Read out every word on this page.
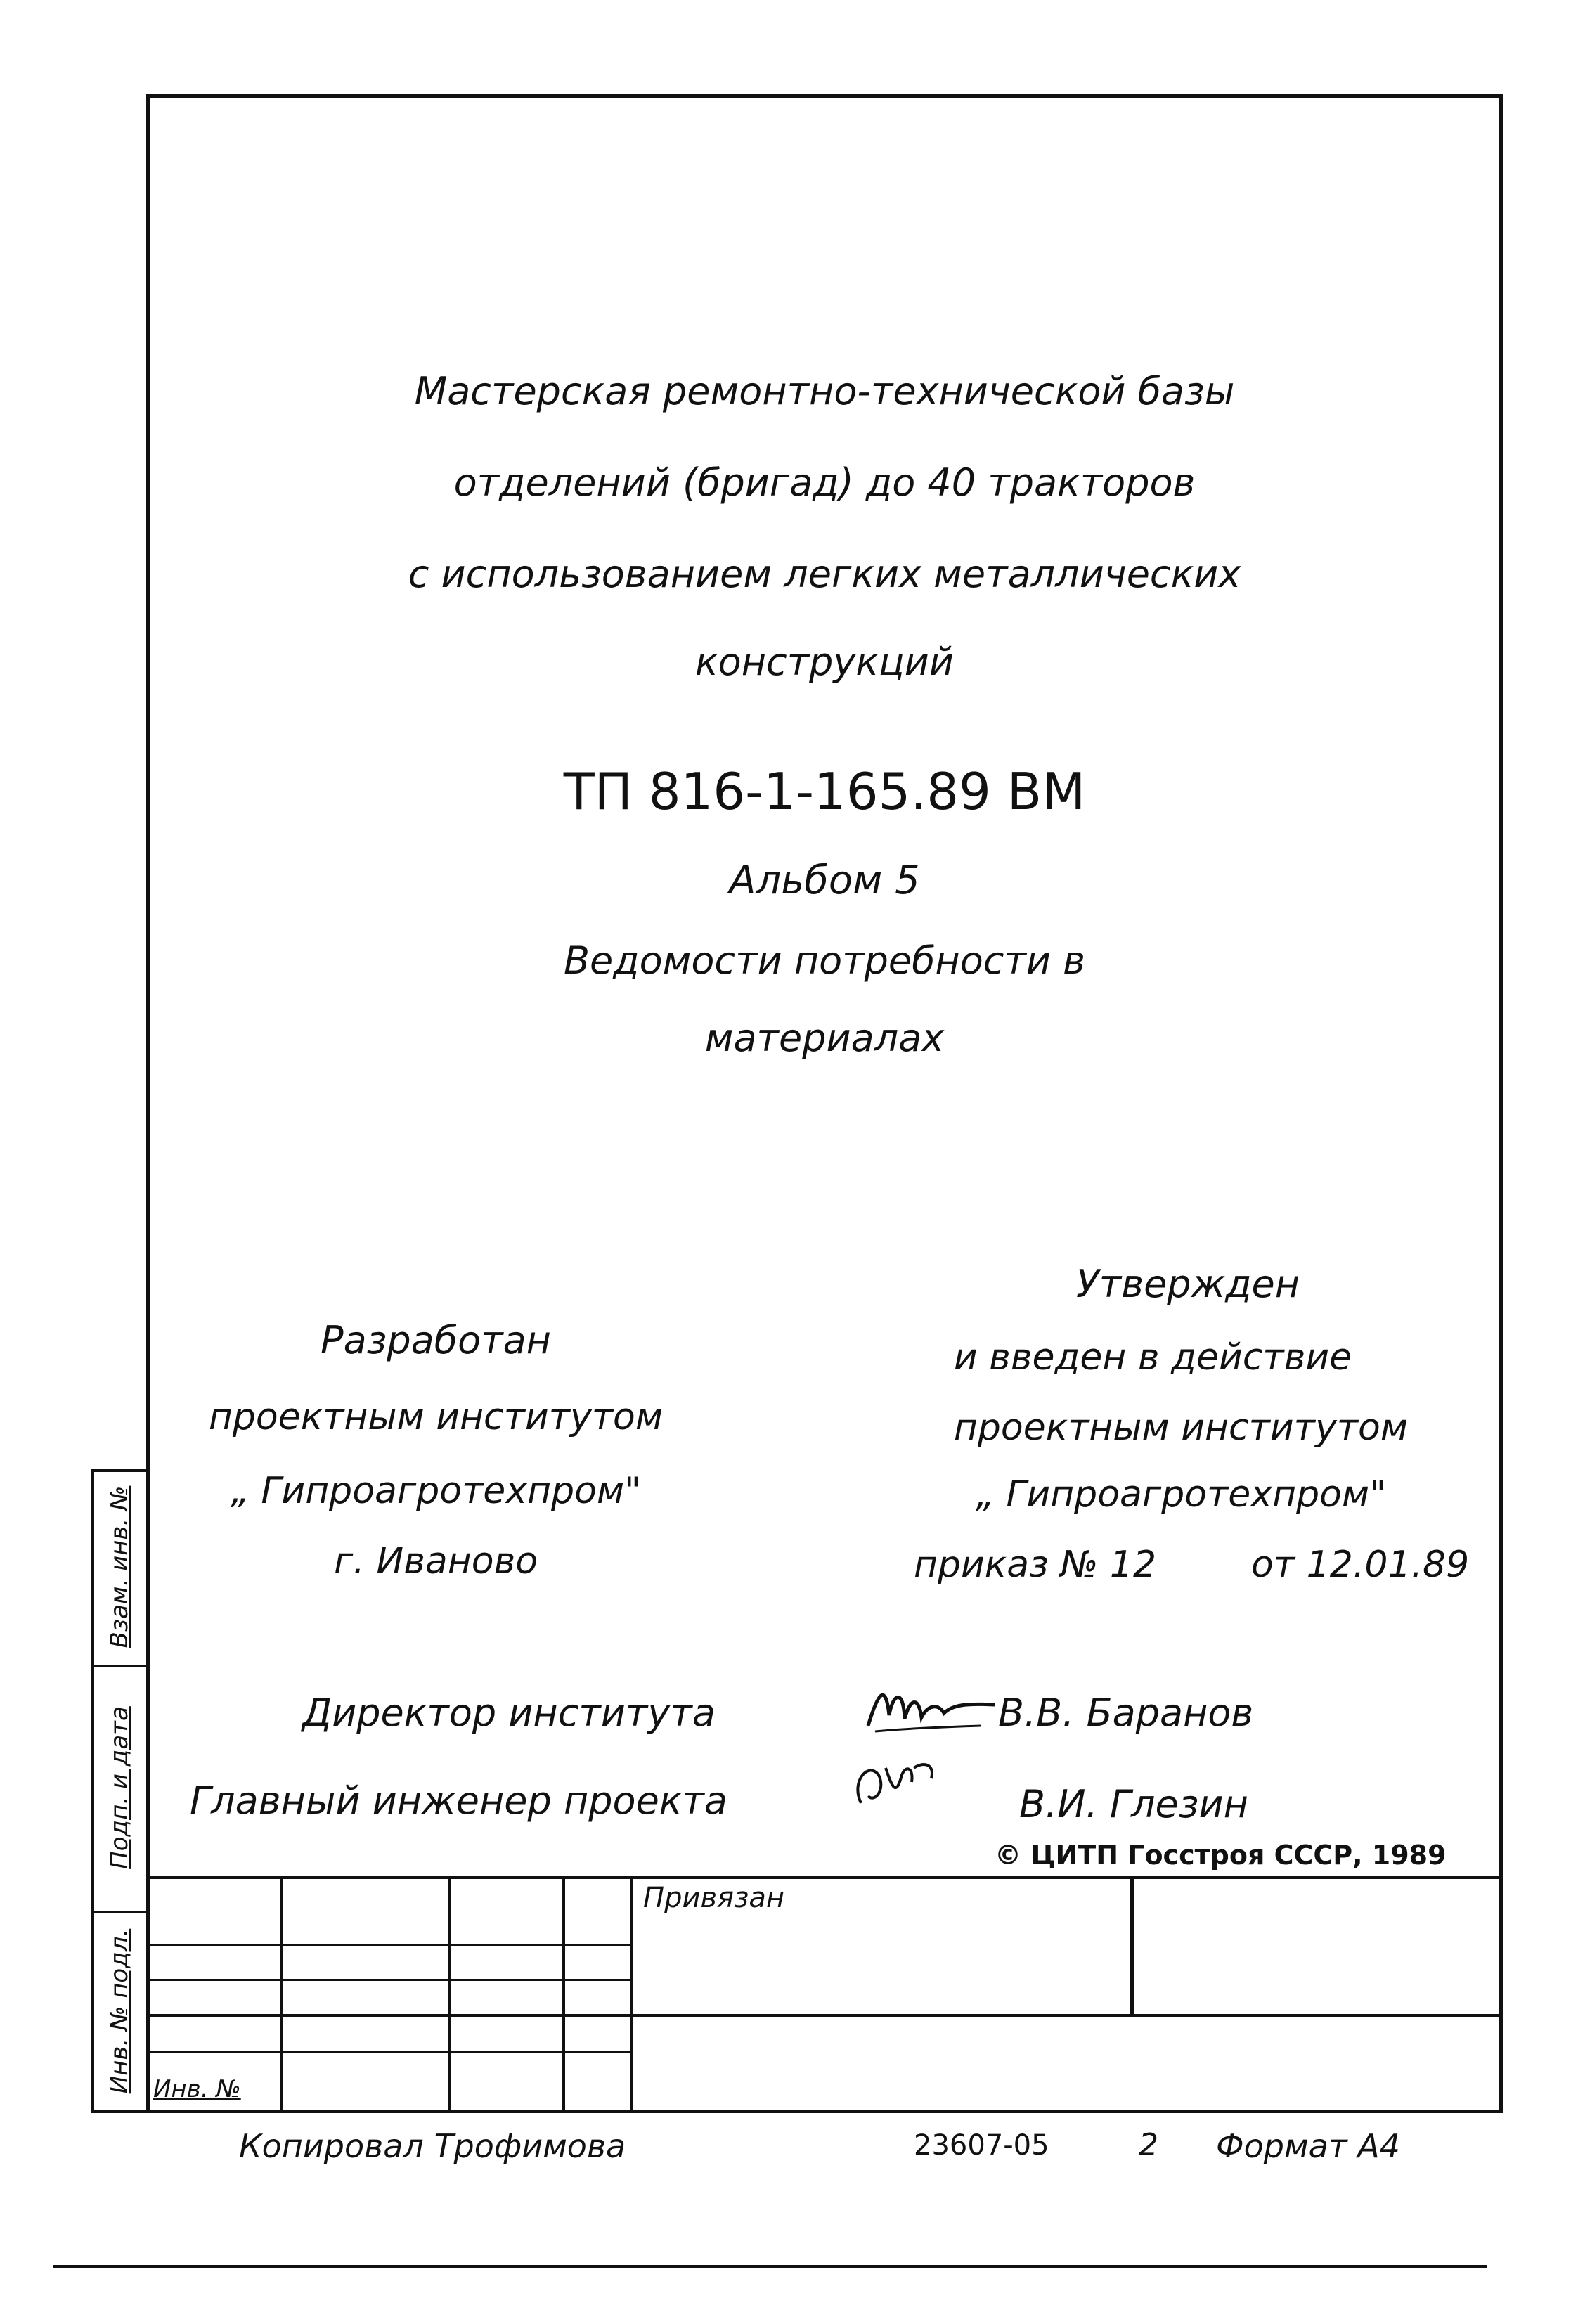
Взам. инв. №
Подп. и дата
Инв. № подл.
Мастерская ремонтно-технической базы
отделений (бригад) до 40 тракторов
с использованием легких металлических
конструкций
ТП 816-1-165.89 ВМ
Альбом 5
Ведомости потребности в
материалах
Разработан
проектным институтом
„ Гипроагротехпром"
г. Иваново
Утвержден
и введен в действие
проектным институтом
„ Гипроагротехпром"
приказ № 12	от 12.01.89
Директор института	В.В. Баранов
Главный инженер проекта	В.И. Глезин
© ЦИТП Госстроя СССР, 1989
Привязан
Инв. №
Копировал Трофимова	23607-05	2 Формат А4
